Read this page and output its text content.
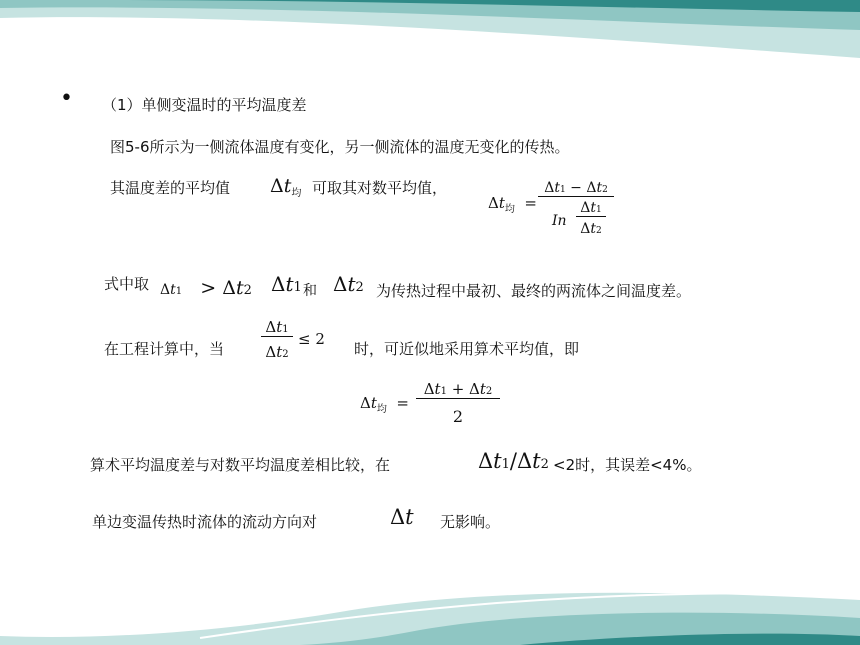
• （1）单侧变温时的平均温度差
图5-6所示为一侧流体温度有变化，另一侧流体的温度无变化的传热。
其温度差的平均值 $\Delta t_均$ 可取其对数平均值，
$\Delta t_均$  =
Δt1 − Δt2
In
Δt1
Δt2
式中取 Δt1   > Δt2 Δt1 和 Δt2 为传热过程中最初、最终的两流体之间温度差。
在工程计算中，当
Δt1
Δt2
≤ 2
时，可近似地采用算术平均值，即
$\Delta t_均$  =
Δt1 + Δt2
2
算术平均温度差与对数平均温度差相比较，在	Δt1/Δt2 <2时，其误差<4%。
单边变温传热时流体的流动方向对	Δt 无影响。
